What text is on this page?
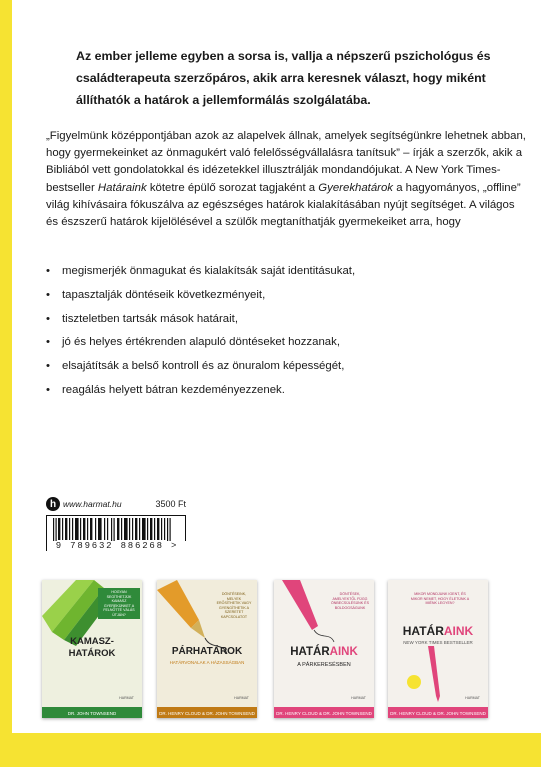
Az ember jelleme egyben a sorsa is, vallja a népszerű pszichológus és családterapeuta szerzőpáros, akik arra keresnek választ, hogy miként állíthatók a határok a jellemformálás szolgálatába.

„Figyelmünk középpontjában azok az alapelvek állnak, amelyek segítségünkre lehetnek abban, hogy gyermekeinket az önmagukért való felelősségvállalásra tanítsuk” – írják a szerzők, akik a Bibliából vett gondolatokkal és idézetekkel illusztrálják mondandójukat. A New York Times-bestseller Határaink kötetre épülő sorozat tagjaként a Gyerekhatárok a hagyományos, „offline” világ kihívásaira fókuszálva az egészséges határok kialakításában nyújt segítséget. A világos és észszerű határok kijelölésével a szülők megtaníthatják gyermekeiket arra, hogy

• megismerjék önmagukat és kialakítsák saját identitásukat,
• tapasztalják döntéseik következményeit,
• tiszteletben tartsák mások határait,
• jó és helyes értékrenden alapuló döntéseket hozzanak,
• elsajátítsák a belső kontroll és az önuralom képességét,
• reagálás helyett bátran kezdeményezzenek.
h www.harmat.hu	3500 Ft
9 789632 886268 >
HOGYAN SEGÍTHETJÜK KAMASZ GYEREKÜNKET A FELNŐTTÉ VÁLÁS ÚTJÁN?
KAMASZ-HATÁROK
HARMAT
DR. JOHN TOWNSEND
DÖNTÉSEINK, MELYEK ERŐSÍTHETIK VAGY GYENGÍTHETIK A SZERETET KAPCSOLATOT
PÁRHATÁROK
HATÁRVONALAK A HÁZASSÁGBAN
HARMAT
DR. HENRY CLOUD & DR. JOHN TOWNSEND
DÖNTÉSEK, AMELYEKTŐL FÜGG ÖNBECSÜLÉSÜNK ÉS BOLDOGSÁGUNK
HATÁRAINK
A PÁRKERESÉSBEN
HARMAT
DR. HENRY CLOUD & DR. JOHN TOWNSEND
MIKOR MONDJUNK IGENT, ÉS MIKOR NEMET, HOGY ÉLETÜNK A MIÉNK LEGYEN?
HATÁRAINK
NEW YORK TIMES BESTSELLER
HARMAT
DR. HENRY CLOUD & DR. JOHN TOWNSEND
